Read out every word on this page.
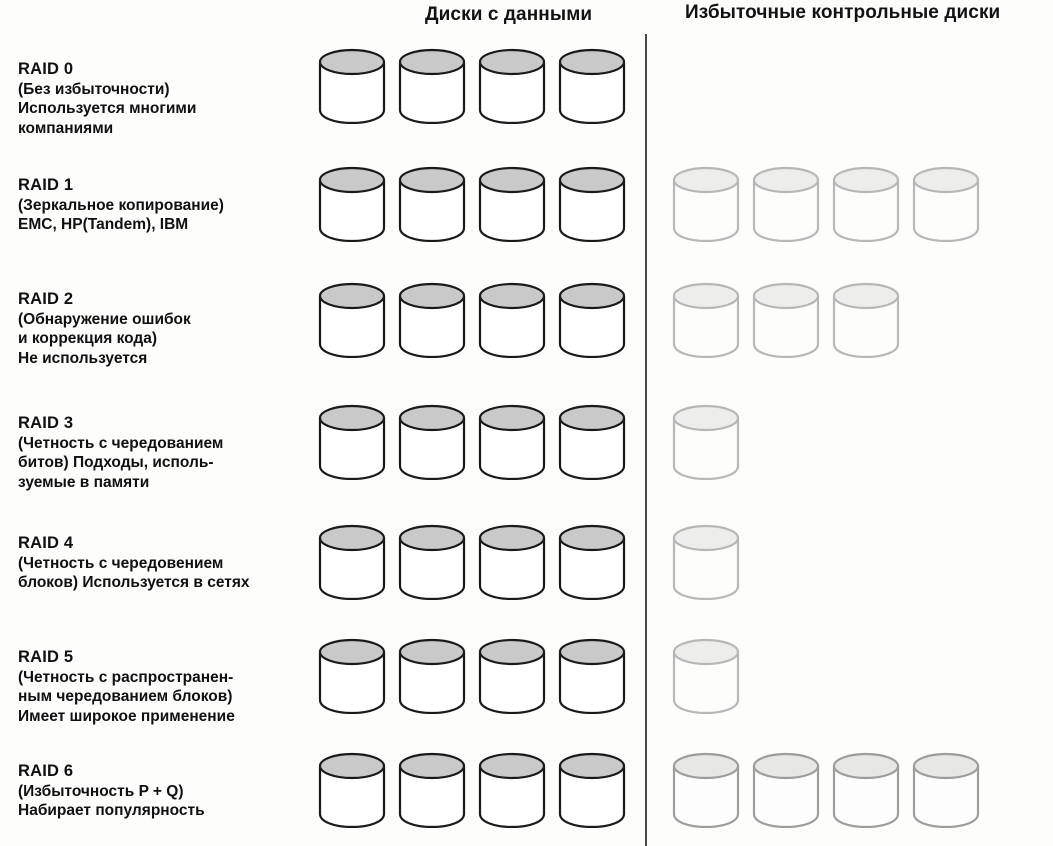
Диски с данными	Избыточные контрольные диски
RAID 0
(Без избыточности)
Используется многими
компаниями
RAID 1
(Зеркальное копирование)
EMC, HP(Tandem), IBM
RAID 2
(Обнаружение ошибок
и коррекция кода)
Не используется
RAID 3
(Четность с чередованием
битов) Подходы, исполь-
зуемые в памяти
RAID 4
(Четность с чередовением
блоков) Используется в сетях
RAID 5
(Четность с распространен-
ным чередованием блоков)
Имеет широкое применение
RAID 6
(Избыточность P + Q)
Набирает популярность
